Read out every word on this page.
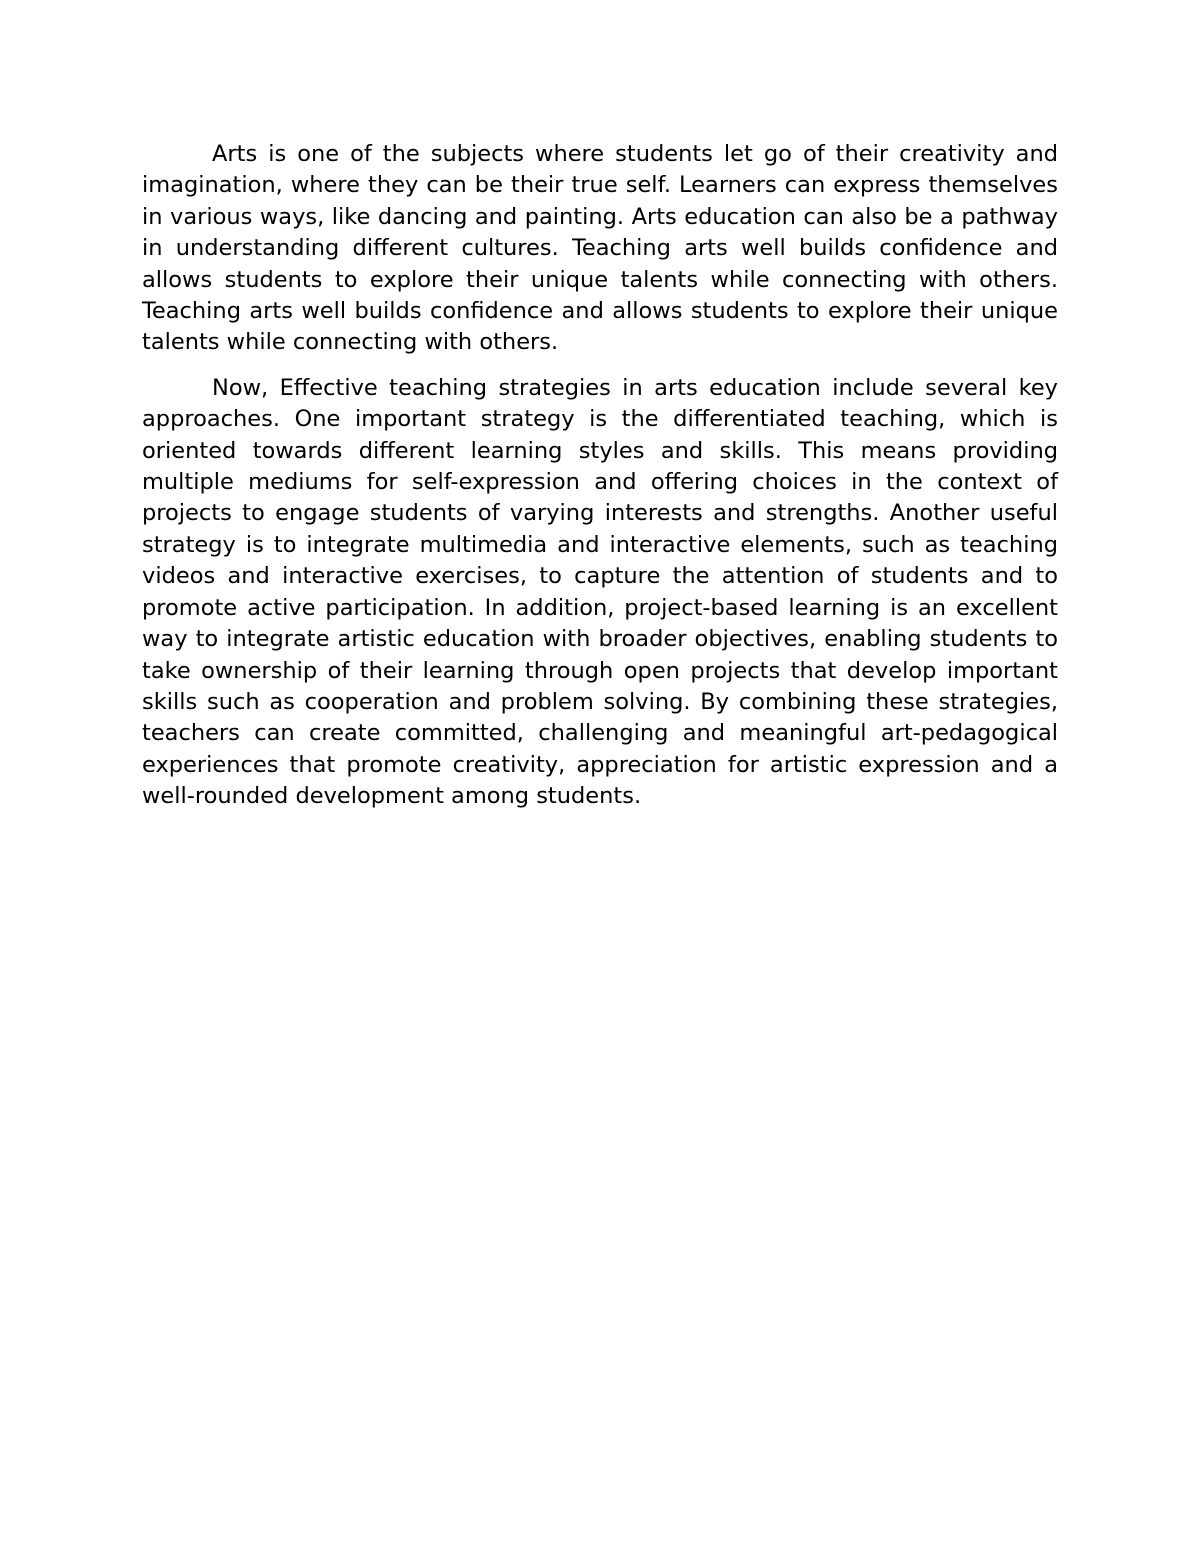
Arts is one of the subjects where students let go of their creativity and imagination, where they can be their true self. Learners can express themselves in various ways, like dancing and painting. Arts education can also be a pathway in understanding different cultures. Teaching arts well builds confidence and allows students to explore their unique talents while connecting with others. Teaching arts well builds confidence and allows students to explore their unique talents while connecting with others.

Now, Effective teaching strategies in arts education include several key approaches. One important strategy is the differentiated teaching, which is oriented towards different learning styles and skills. This means providing multiple mediums for self-expression and offering choices in the context of projects to engage students of varying interests and strengths. Another useful strategy is to integrate multimedia and interactive elements, such as teaching videos and interactive exercises, to capture the attention of students and to promote active participation. In addition, project-based learning is an excellent way to integrate artistic education with broader objectives, enabling students to take ownership of their learning through open projects that develop important skills such as cooperation and problem solving. By combining these strategies, teachers can create committed, challenging and meaningful art-pedagogical experiences that promote creativity, appreciation for artistic expression and a well-rounded development among students.
